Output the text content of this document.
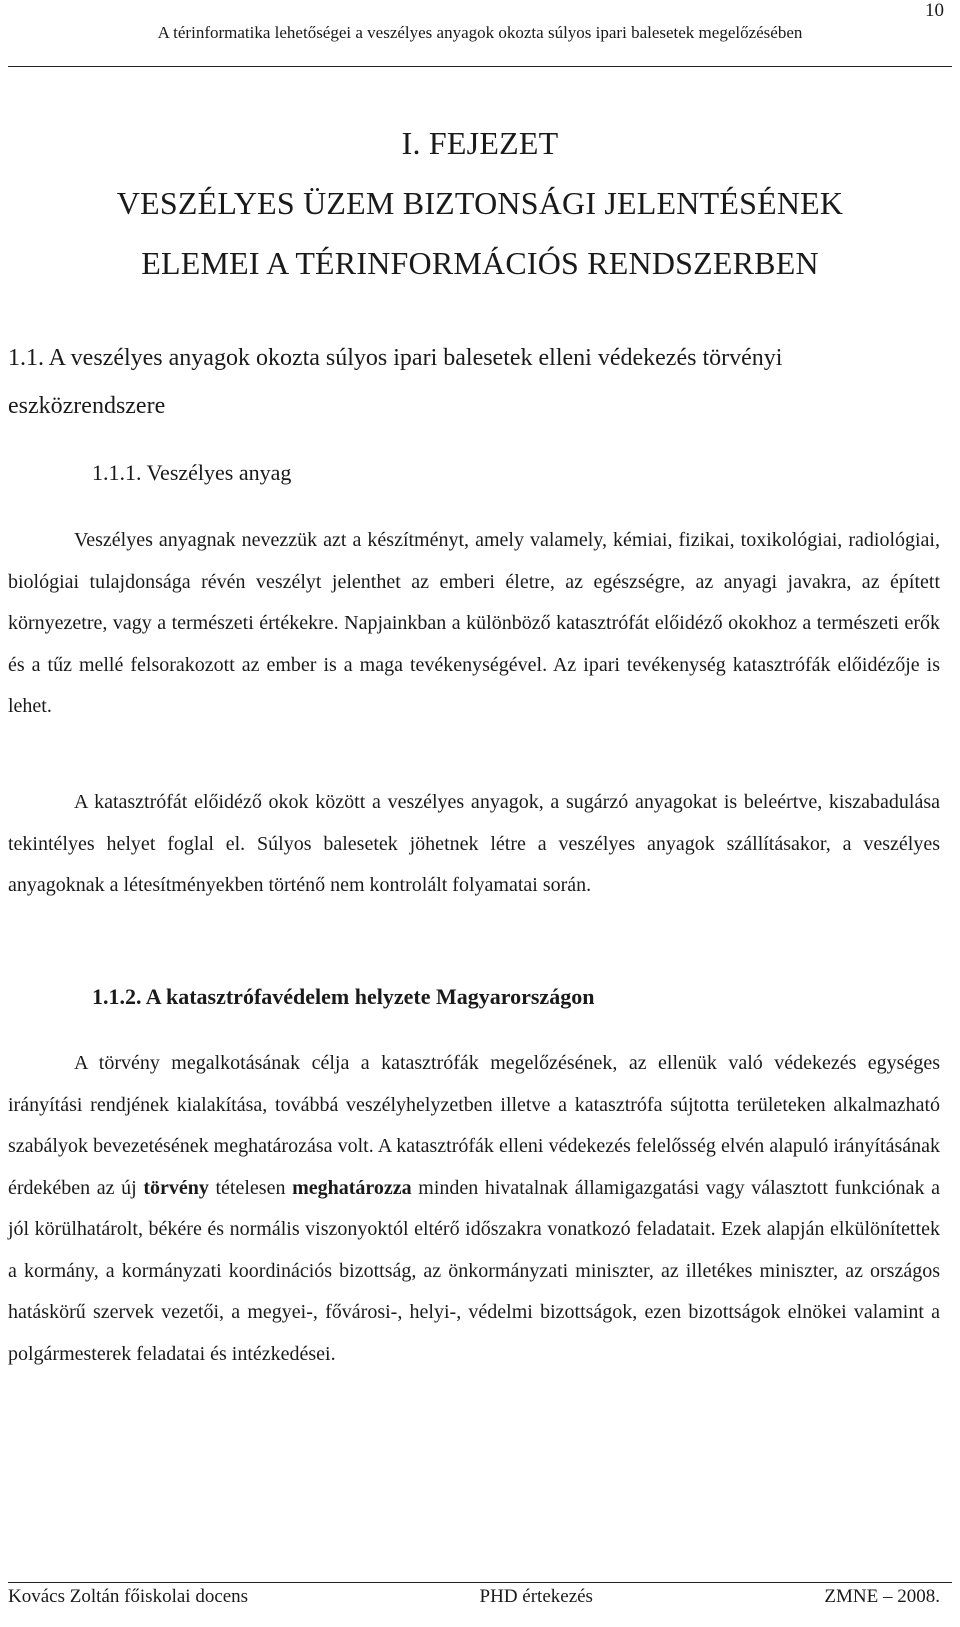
10
A térinformatika lehetőségei a veszélyes anyagok okozta súlyos ipari balesetek megelőzésében
I. FEJEZET
VESZÉLYES ÜZEM BIZTONSÁGI JELENTÉSÉNEK
ELEMEI A TÉRINFORMÁCIÓS RENDSZERBEN
1.1. A veszélyes anyagok okozta súlyos ipari balesetek elleni védekezés törvényi eszközrendszere
1.1.1. Veszélyes anyag

Veszélyes anyagnak nevezzük azt a készítményt, amely valamely, kémiai, fizikai, toxikológiai, radiológiai, biológiai tulajdonsága révén veszélyt jelenthet az emberi életre, az egészségre, az anyagi javakra, az épített környezetre, vagy a természeti értékekre. Napjainkban a különböző katasztrófát előidéző okokhoz a természeti erők és a tűz mellé felsorakozott az ember is a maga tevékenységével. Az ipari tevékenység katasztrófák előidézője is lehet.

A katasztrófát előidéző okok között a veszélyes anyagok, a sugárzó anyagokat is beleértve, kiszabadulása tekintélyes helyet foglal el. Súlyos balesetek jöhetnek létre a veszélyes anyagok szállításakor, a veszélyes anyagoknak a létesítményekben történő nem kontrolált folyamatai során.

1.1.2. A katasztrófavédelem helyzete Magyarországon

A törvény megalkotásának célja a katasztrófák megelőzésének, az ellenük való védekezés egységes irányítási rendjének kialakítása, továbbá veszélyhelyzetben illetve a katasztrófa sújtotta területeken alkalmazható szabályok bevezetésének meghatározása volt. A katasztrófák elleni védekezés felelősség elvén alapuló irányításának érdekében az új törvény tételesen meghatározza minden hivatalnak államigazgatási vagy választott funkciónak a jól körülhatárolt, békére és normális viszonyoktól eltérő időszakra vonatkozó feladatait. Ezek alapján elkülönítettek a kormány, a kormányzati koordinációs bizottság, az önkormányzati miniszter, az illetékes miniszter, az országos hatáskörű szervek vezetői, a megyei-, fővárosi-, helyi-, védelmi bizottságok, ezen bizottságok elnökei valamint a polgármesterek feladatai és intézkedései.

Kovács Zoltán főiskolai docens	PHD értekezés	ZMNE – 2008.
